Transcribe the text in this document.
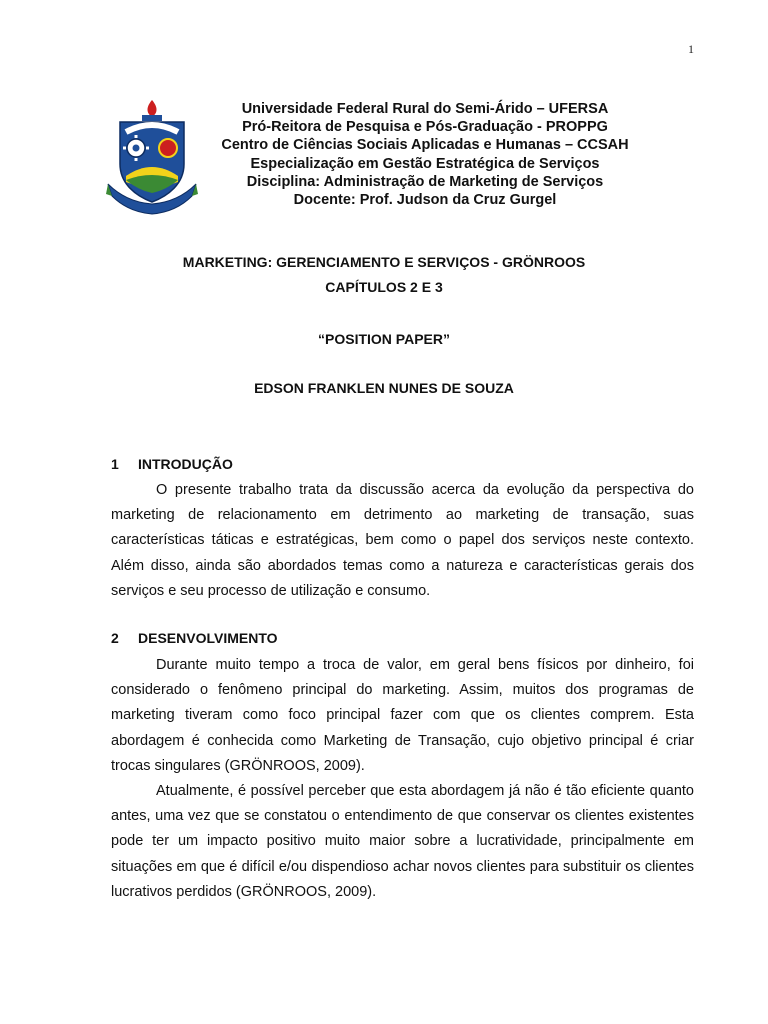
1
Universidade Federal Rural do Semi-Árido – UFERSA
Pró-Reitora de Pesquisa e Pós-Graduação - PROPPG
Centro de Ciências Sociais Aplicadas e Humanas – CCSAH
Especialização em Gestão Estratégica de Serviços
Disciplina: Administração de Marketing de Serviços
Docente: Prof. Judson da Cruz Gurgel
MARKETING: GERENCIAMENTO E SERVIÇOS - GRÖNROOS
CAPÍTULOS 2 E 3
“POSITION PAPER”
EDSON FRANKLEN NUNES DE SOUZA
1 INTRODUÇÃO

O presente trabalho trata da discussão acerca da evolução da perspectiva do marketing de relacionamento em detrimento ao marketing de transação, suas características táticas e estratégicas, bem como o papel dos serviços neste contexto. Além disso, ainda são abordados temas como a natureza e características gerais dos serviços e seu processo de utilização e consumo.

2 DESENVOLVIMENTO

Durante muito tempo a troca de valor, em geral bens físicos por dinheiro, foi considerado o fenômeno principal do marketing. Assim, muitos dos programas de marketing tiveram como foco principal fazer com que os clientes comprem. Esta abordagem é conhecida como Marketing de Transação, cujo objetivo principal é criar trocas singulares (GRÖNROOS, 2009).

Atualmente, é possível perceber que esta abordagem já não é tão eficiente quanto antes, uma vez que se constatou o entendimento de que conservar os clientes existentes pode ter um impacto positivo muito maior sobre a lucratividade, principalmente em situações em que é difícil e/ou dispendioso achar novos clientes para substituir os clientes lucrativos perdidos (GRÖNROOS, 2009).
